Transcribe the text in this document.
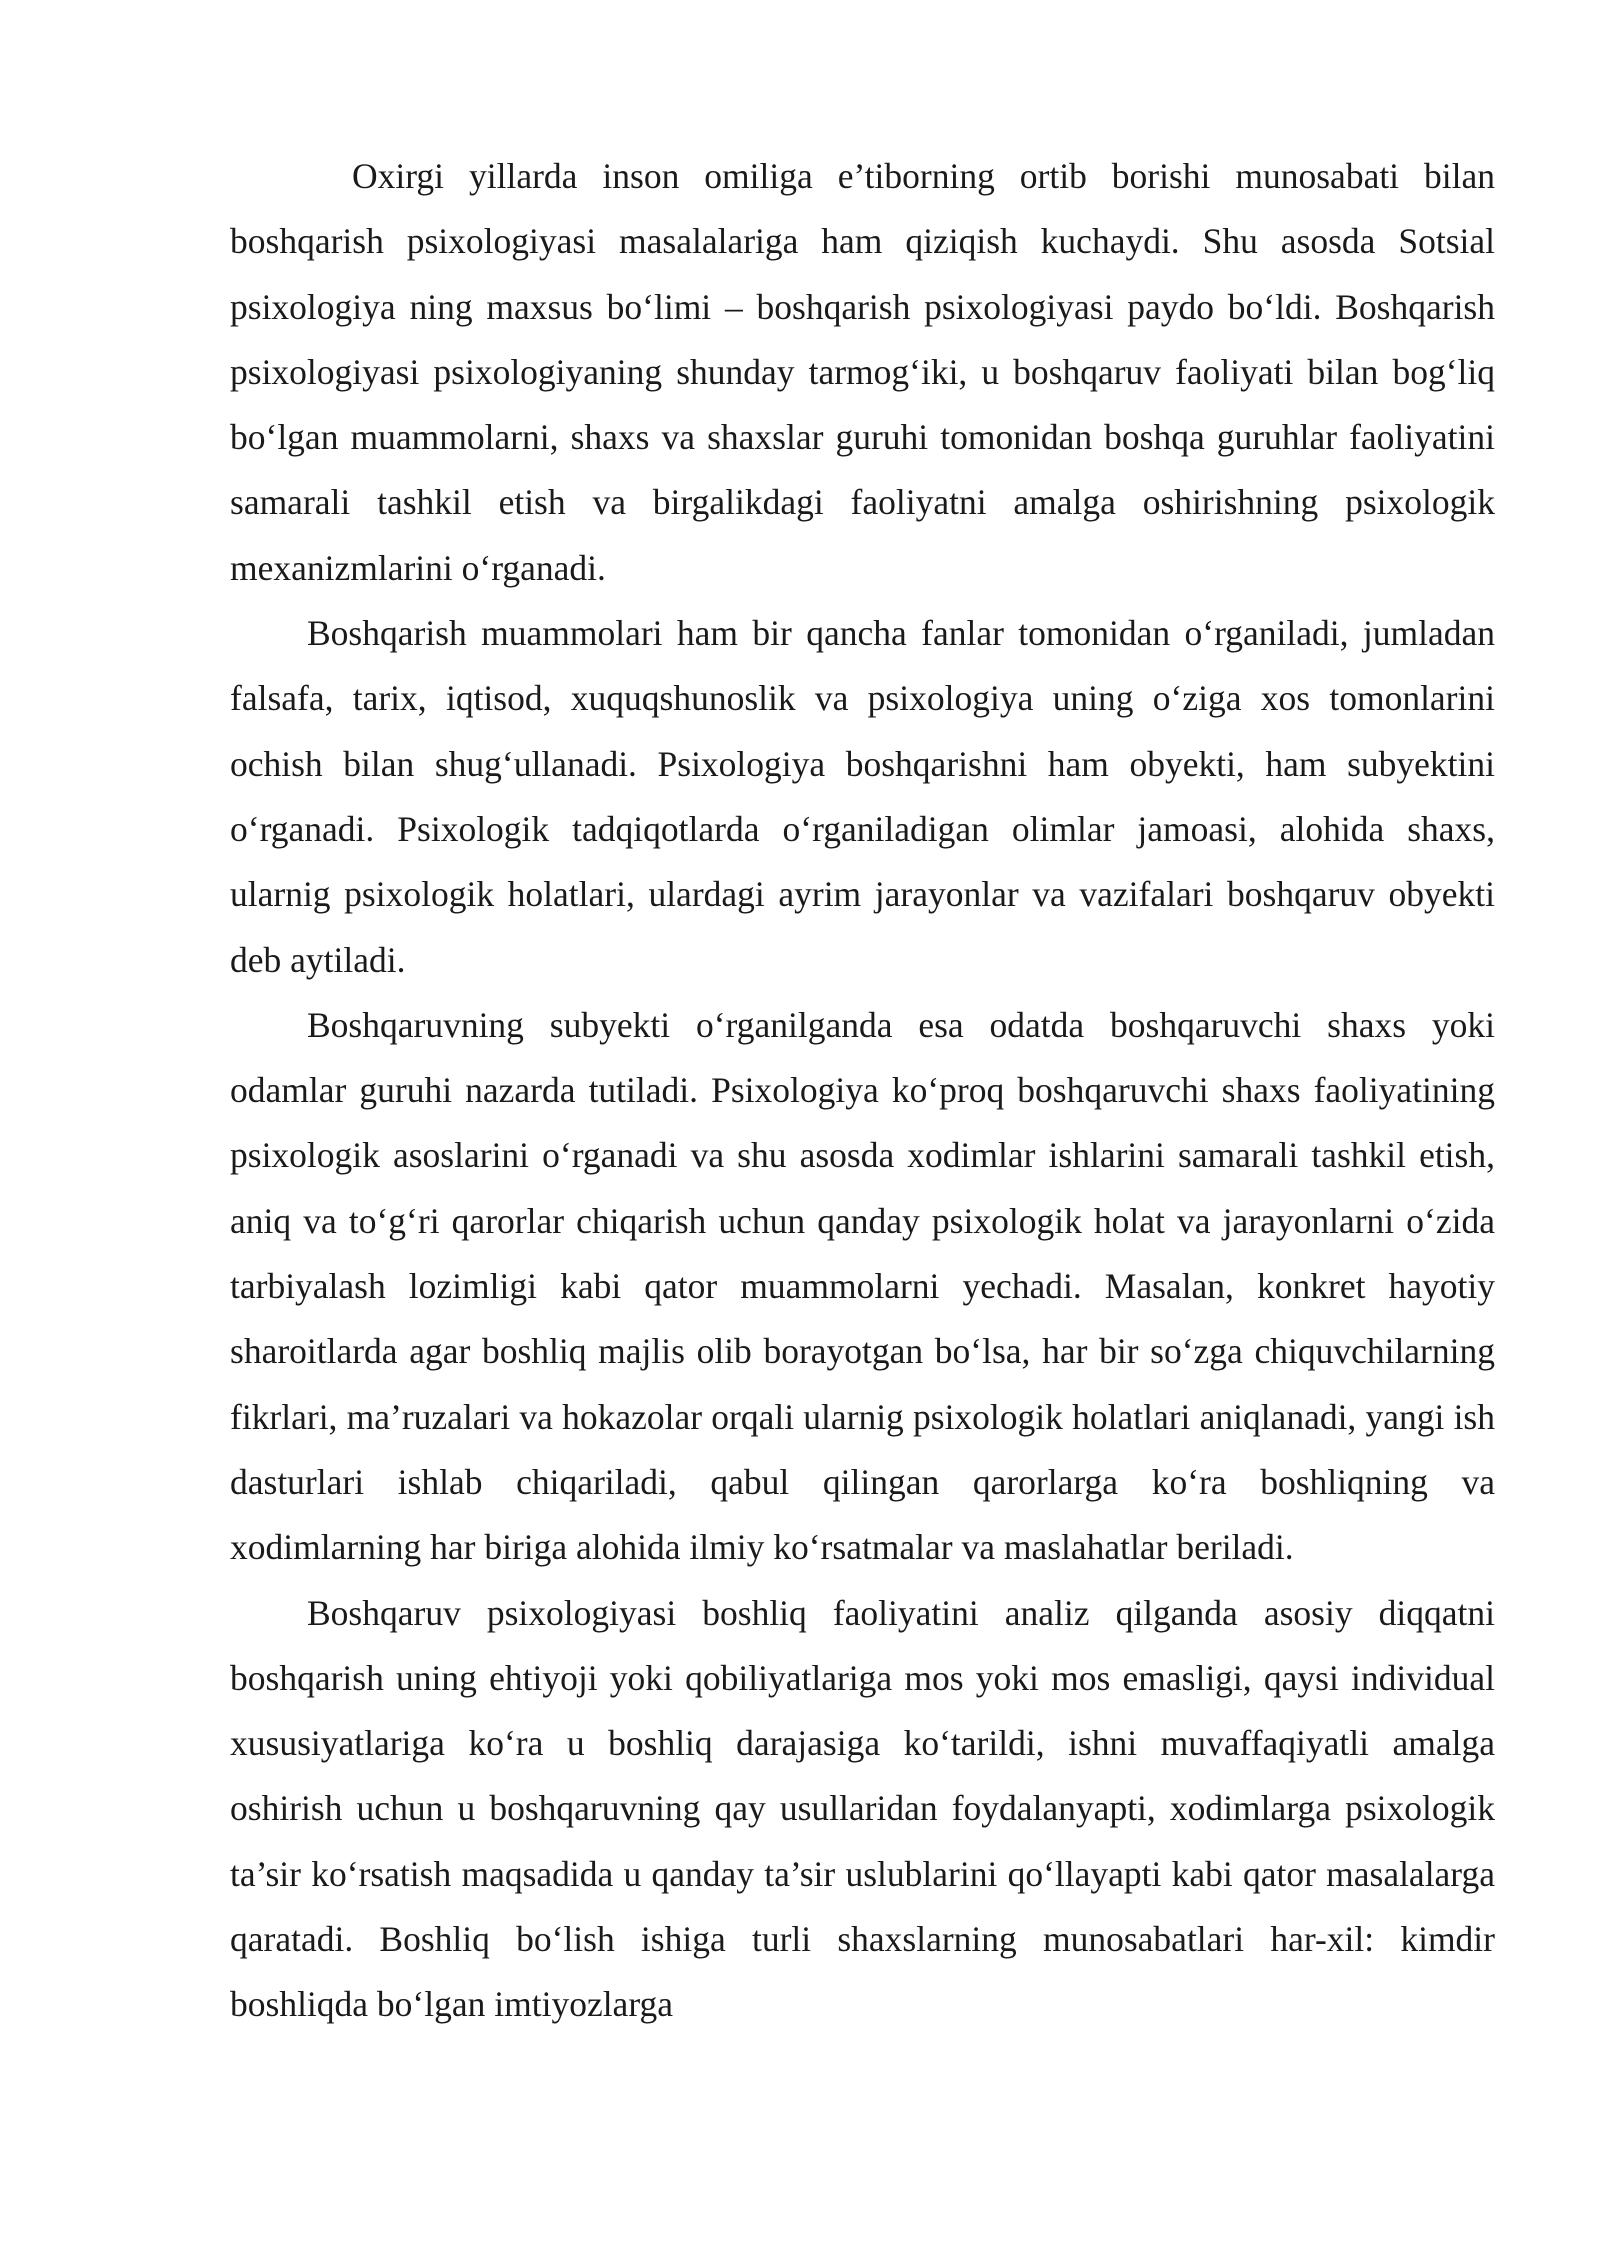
Oxirgi yillarda inson omiliga e’tiborning ortib borishi munosabati bilan boshqarish psixologiyasi masalalariga ham qiziqish kuchaydi. Shu asosda Sotsial psixologiya ning maxsus bo‘limi – boshqarish psixologiyasi paydo bo‘ldi. Boshqarish psixologiyasi psixologiyaning shunday tarmog‘iki, u boshqaruv faoliyati bilan bog‘liq bo‘lgan muammolarni, shaxs va shaxslar guruhi tomonidan boshqa guruhlar faoliyatini samarali tashkil etish va birgalikdagi faoliyatni amalga oshirishning psixologik mexanizmlarini o‘rganadi.

Boshqarish muammolari ham bir qancha fanlar tomonidan o‘rganiladi, jumladan falsafa, tarix, iqtisod, xuquqshunoslik va psixologiya uning o‘ziga xos tomonlarini ochish bilan shug‘ullanadi. Psixologiya boshqarishni ham obyekti, ham subyektini o‘rganadi. Psixologik tadqiqotlarda o‘rganiladigan olimlar jamoasi, alohida shaxs, ularnig psixologik holatlari, ulardagi ayrim jarayonlar va vazifalari boshqaruv obyekti deb aytiladi.

Boshqaruvning subyekti o‘rganilganda esa odatda boshqaruvchi shaxs yoki odamlar guruhi nazarda tutiladi. Psixologiya ko‘proq boshqaruvchi shaxs faoliyatining psixologik asoslarini o‘rganadi va shu asosda xodimlar ishlarini samarali tashkil etish, aniq va to‘g‘ri qarorlar chiqarish uchun qanday psixologik holat va jarayonlarni o‘zida tarbiyalash lozimligi kabi qator muammolarni yechadi. Masalan, konkret hayotiy sharoitlarda agar boshliq majlis olib borayotgan bo‘lsa, har bir so‘zga chiquvchilarning fikrlari, ma’ruzalari va hokazolar orqali ularnig psixologik holatlari aniqlanadi, yangi ish dasturlari ishlab chiqariladi, qabul qilingan qarorlarga ko‘ra boshliqning va xodimlarning har biriga alohida ilmiy ko‘rsatmalar va maslahatlar beriladi.

Boshqaruv psixologiyasi boshliq faoliyatini analiz qilganda asosiy diqqatni boshqarish uning ehtiyoji yoki qobiliyatlariga mos yoki mos emasligi, qaysi individual xususiyatlariga ko‘ra u boshliq darajasiga ko‘tarildi, ishni muvaffaqiyatli amalga oshirish uchun u boshqaruvning qay usullaridan foydalanyapti, xodimlarga psixologik ta’sir ko‘rsatish maqsadida u qanday ta’sir uslublarini qo‘llayapti kabi qator masalalarga qaratadi. Boshliq bo‘lish ishiga turli shaxslarning munosabatlari har-xil: kimdir boshliqda bo‘lgan imtiyozlarga
